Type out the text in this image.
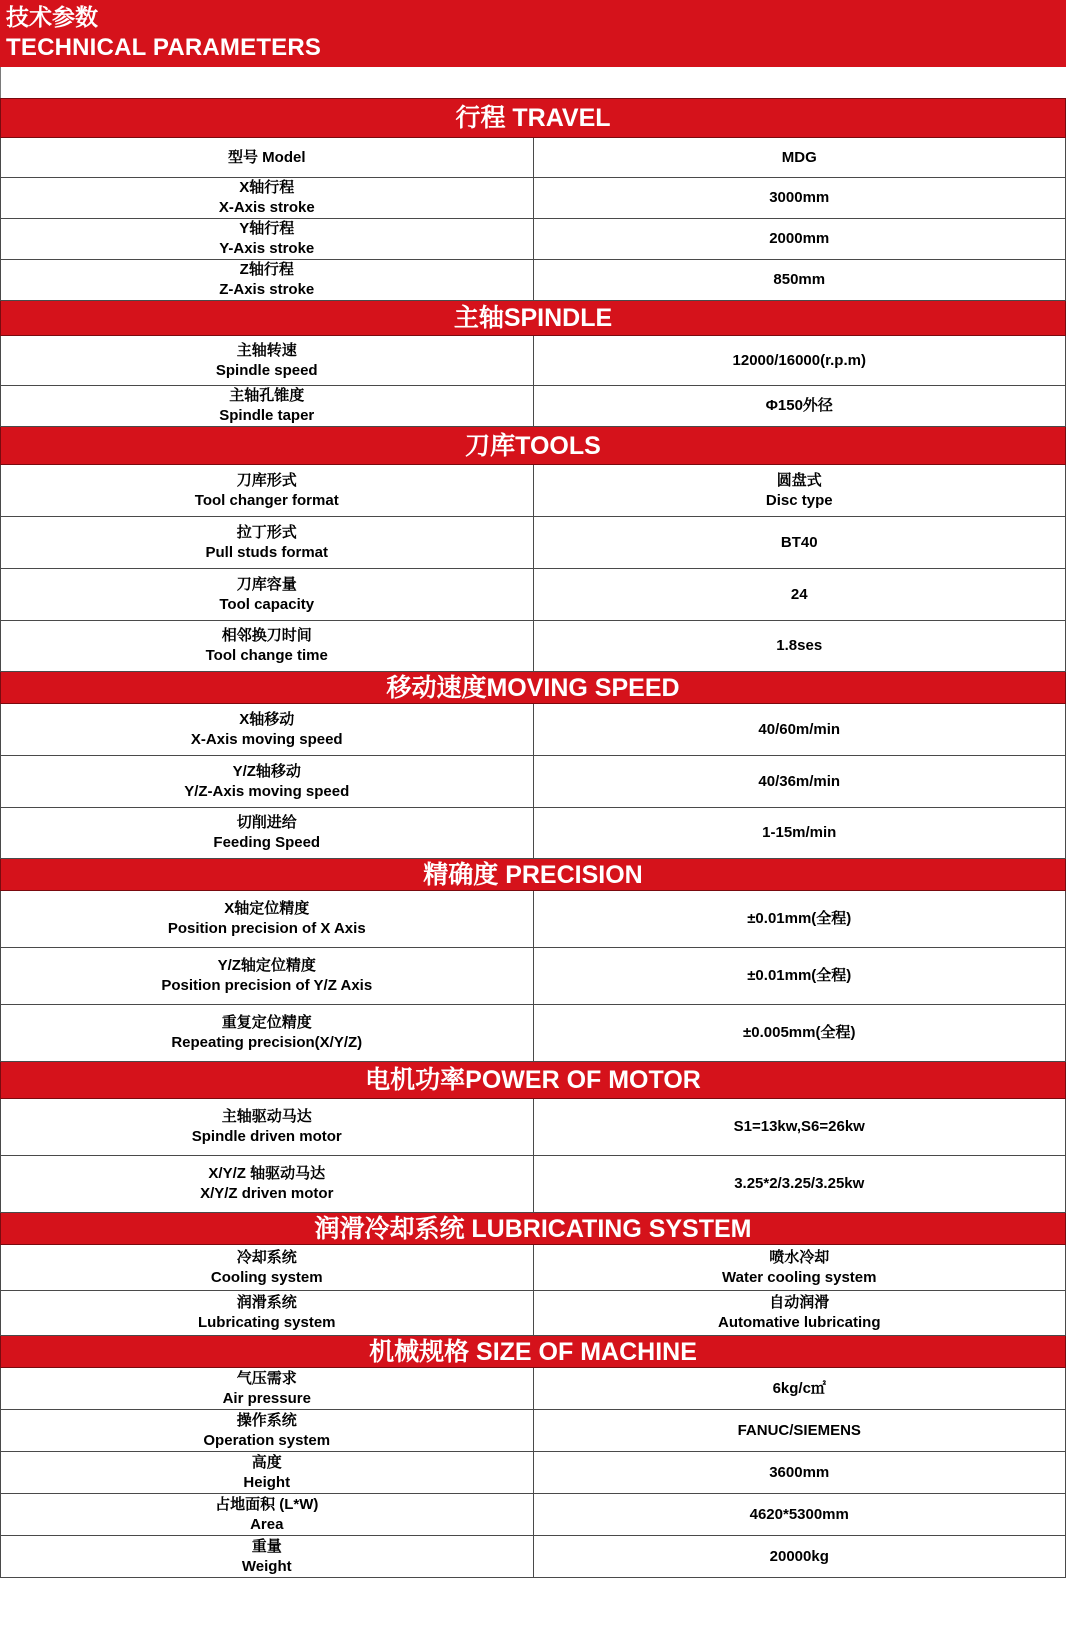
技术参数
TECHNICAL PARAMETERS
行程 TRAVEL	

型号 Model	MDG

X轴行程
X-Axis stroke	3000mm

Y轴行程
Y-Axis stroke	2000mm

Z轴行程
Z-Axis stroke	850mm

主轴SPINDLE	

主轴转速
Spindle speed	12000/16000(r.p.m)

主轴孔锥度
Spindle taper	Φ150外径

刀库TOOLS	

刀库形式
Tool changer format	圆盘式
Disc type

拉丁形式
Pull studs format	BT40

刀库容量
Tool capacity	24

相邻换刀时间
Tool change time	1.8ses

移动速度MOVING SPEED	

X轴移动
X-Axis moving speed	40/60m/min

Y/Z轴移动
Y/Z-Axis moving speed	40/36m/min

切削进给
Feeding Speed	1-15m/min

精确度 PRECISION	

X轴定位精度
Position precision of X Axis	±0.01mm(全程)

Y/Z轴定位精度
Position precision of Y/Z Axis	±0.01mm(全程)

重复定位精度
Repeating precision(X/Y/Z)	±0.005mm(全程)

电机功率POWER OF MOTOR	

主轴驱动马达
Spindle driven motor	S1=13kw,S6=26kw

X/Y/Z 轴驱动马达
X/Y/Z driven motor	3.25*2/3.25/3.25kw

润滑冷却系统 LUBRICATING SYSTEM	

冷却系统
Cooling system	喷水冷却
Water cooling system

润滑系统
Lubricating system	自动润滑
Automative lubricating

机械规格 SIZE OF MACHINE	

气压需求
Air pressure	6kg/c㎡

操作系统
Operation system	FANUC/SIEMENS

高度
Height	3600mm

占地面积 (L*W)
Area	4620*5300mm

重量
Weight	20000kg
